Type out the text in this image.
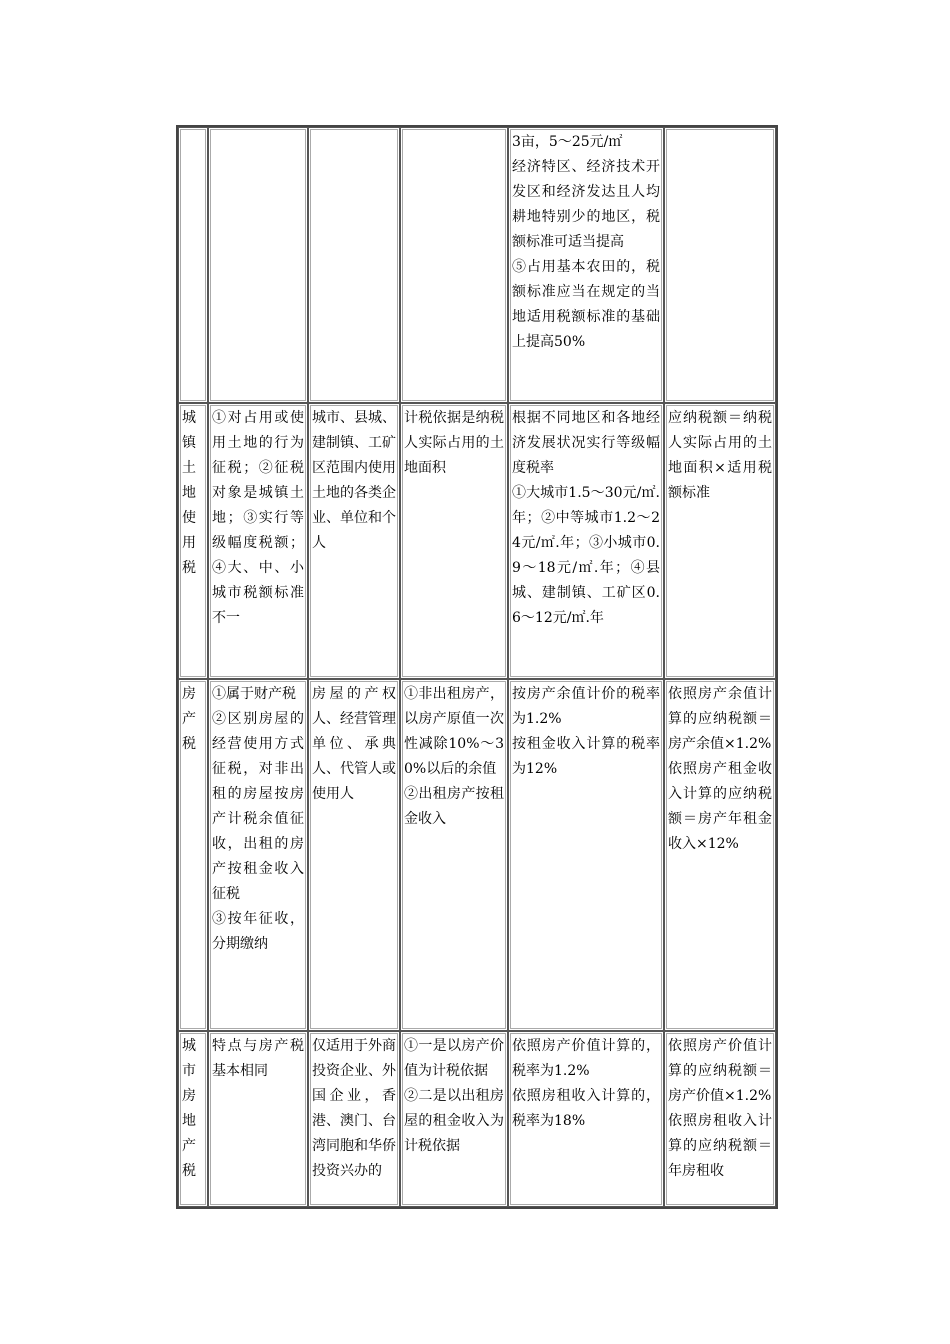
				3亩，5～25元/㎡
经济特区、经济技术开发区和经济发达且人均耕地特别少的地区，税额标准可适当提高
⑤占用基本农田的，税额标准应当在规定的当地适用税额标准的基础上提高50%	

城镇土地使用税	①对占用或使用土地的行为征税；②征税对象是城镇土地；③实行等级幅度税额；④大、中、小城市税额标准不一	城市、县城、建制镇、工矿区范围内使用土地的各类企业、单位和个人	计税依据是纳税人实际占用的土地面积	根据不同地区和各地经济发展状况实行等级幅度税率
①大城市1.5～30元/㎡.年；②中等城市1.2～24元/㎡.年；③小城市0.9～18元/㎡.年；④县城、建制镇、工矿区0.6～12元/㎡.年	应纳税额＝纳税人实际占用的土地面积×适用税额标准

房产税	①属于财产税
②区别房屋的经营使用方式征税，对非出租的房屋按房产计税余值征收，出租的房产按租金收入征税
③按年征收，分期缴纳	房屋的产权人、经营管理单位、承典人、代管人或使用人	①非出租房产，以房产原值一次性减除10%～30%以后的余值
②出租房产按租金收入	按房产余值计价的税率为1.2%
按租金收入计算的税率为12%	依照房产余值计算的应纳税额＝房产余值×1.2%
依照房产租金收入计算的应纳税额＝房产年租金收入×12%

城市房地产税	特点与房产税基本相同	仅适用于外商投资企业、外国企业，香港、澳门、台湾同胞和华侨投资兴办的	①一是以房产价值为计税依据
②二是以出租房屋的租金收入为计税依据	依照房产价值计算的，税率为1.2%
依照房租收入计算的，税率为18%	依照房产价值计算的应纳税额＝房产价值×1.2%
依照房租收入计算的应纳税额＝年房租收
